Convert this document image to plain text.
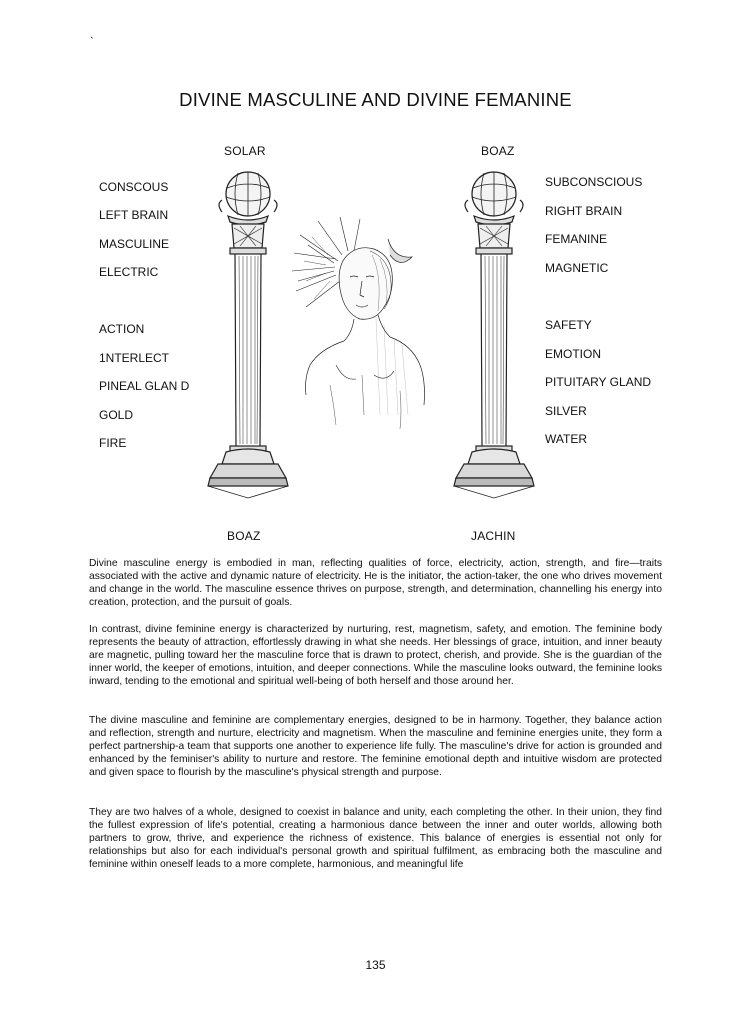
`
DIVINE MASCULINE AND DIVINE FEMANINE
SOLAR	BOAZ
BOAZ	JACHIN
CONSCOUS
LEFT BRAIN
MASCULINE
ELECTRIC
ACTION
1NTERLECT
PINEAL GLAN D
GOLD
FIRE
SUBCONSCIOUS
RIGHT BRAIN
FEMANINE
MAGNETIC
SAFETY
EMOTION
PITUITARY GLAND
SILVER
WATER

Divine masculine energy is embodied in man, reflecting qualities of force, electricity, action, strength, and fire—traits associated with the active and dynamic nature of electricity. He is the initiator, the action-taker, the one who drives movement and change in the world. The masculine essence thrives on purpose, strength, and determination, channelling his energy into creation, protection, and the pursuit of goals.

In contrast, divine feminine energy is characterized by nurturing, rest, magnetism, safety, and emotion. The feminine body represents the beauty of attraction, effortlessly drawing in what she needs. Her blessings of grace, intuition, and inner beauty are magnetic, pulling toward her the masculine force that is drawn to protect, cherish, and provide. She is the guardian of the inner world, the keeper of emotions, intuition, and deeper connections. While the masculine looks outward, the feminine looks inward, tending to the emotional and spiritual well-being of both herself and those around her.

The divine masculine and feminine are complementary energies, designed to be in harmony. Together, they balance action and reflection, strength and nurture, electricity and magnetism. When the masculine and feminine energies unite, they form a perfect partnership-a team that supports one another to experience life fully. The masculine's drive for action is grounded and enhanced by the feminiser's ability to nurture and restore. The feminine emotional depth and intuitive wisdom are protected and given space to flourish by the masculine's physical strength and purpose.

They are two halves of a whole, designed to coexist in balance and unity, each completing the other. In their union, they find the fullest expression of life's potential, creating a harmonious dance between the inner and outer worlds, allowing both partners to grow, thrive, and experience the richness of existence. This balance of energies is essential not only for relationships but also for each individual's personal growth and spiritual fulfilment, as embracing both the masculine and feminine within oneself leads to a more complete, harmonious, and meaningful life

135
